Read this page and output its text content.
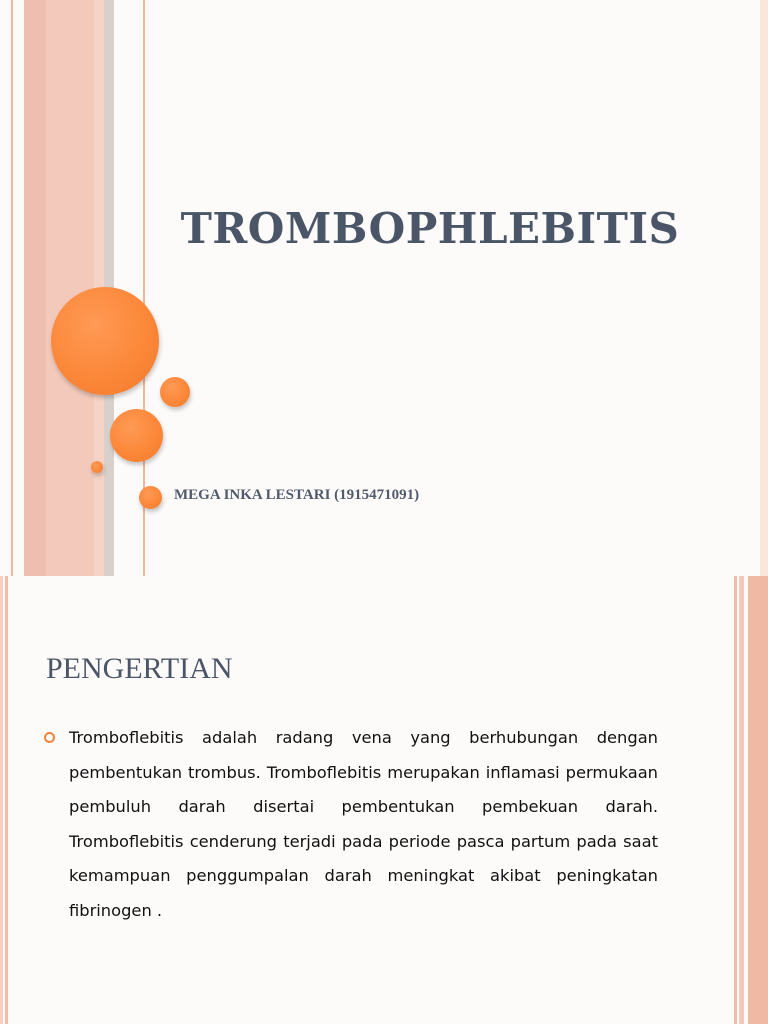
TROMBOPHLEBITIS

MEGA INKA LESTARI (1915471091)

PENGERTIAN

Tromboflebitis adalah radang vena yang berhubungan dengan pembentukan trombus. Tromboflebitis merupakan inflamasi permukaan pembuluh darah disertai pembentukan pembekuan darah. Tromboflebitis cenderung terjadi pada periode pasca partum pada saat kemampuan penggumpalan darah meningkat akibat peningkatan fibrinogen .
